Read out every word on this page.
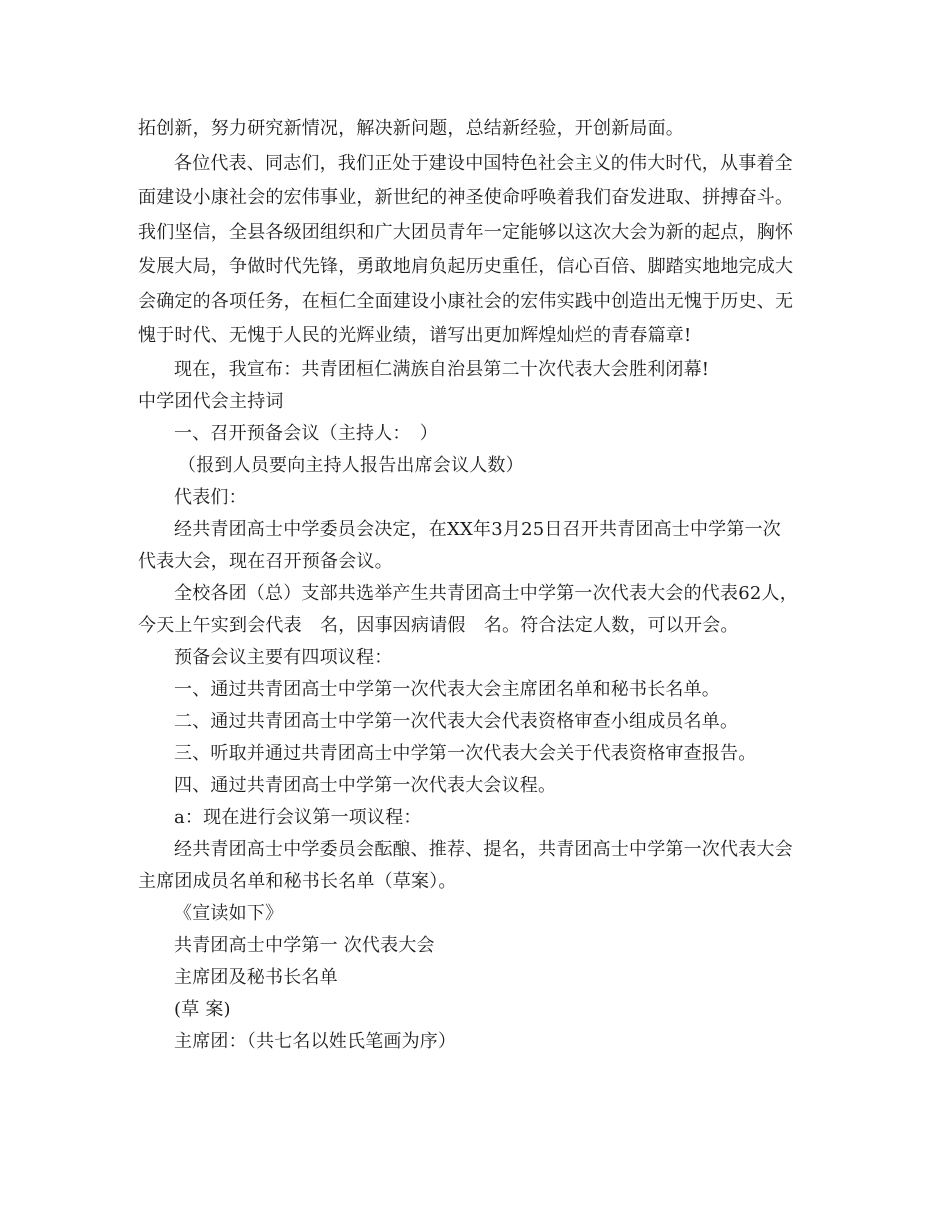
拓创新，努力研究新情况，解决新问题，总结新经验，开创新局面。
各位代表、同志们，我们正处于建设中国特色社会主义的伟大时代，从事着全
面建设小康社会的宏伟事业，新世纪的神圣使命呼唤着我们奋发进取、拼搏奋斗。
我们坚信，全县各级团组织和广大团员青年一定能够以这次大会为新的起点，胸怀
发展大局，争做时代先锋，勇敢地肩负起历史重任，信心百倍、脚踏实地地完成大
会确定的各项任务，在桓仁全面建设小康社会的宏伟实践中创造出无愧于历史、无
愧于时代、无愧于人民的光辉业绩，谱写出更加辉煌灿烂的青春篇章!
现在，我宣布：共青团桓仁满族自治县第二十次代表大会胜利闭幕!
中学团代会主持词
一、召开预备会议（主持人：　）
（报到人员要向主持人报告出席会议人数）
代表们：
经共青团高士中学委员会决定，在XX年3月25日召开共青团高士中学第一次
代表大会，现在召开预备会议。
全校各团（总）支部共选举产生共青团高士中学第一次代表大会的代表62人，
今天上午实到会代表　名，因事因病请假　名。符合法定人数，可以开会。
预备会议主要有四项议程：
一、通过共青团高士中学第一次代表大会主席团名单和秘书长名单。
二、通过共青团高士中学第一次代表大会代表资格审查小组成员名单。
三、听取并通过共青团高士中学第一次代表大会关于代表资格审查报告。
四、通过共青团高士中学第一次代表大会议程。
a：现在进行会议第一项议程：
经共青团高士中学委员会酝酿、推荐、提名，共青团高士中学第一次代表大会
主席团成员名单和秘书长名单（草案）。
《宣读如下》
共青团高士中学第一 次代表大会
主席团及秘书长名单
(草 案)
主席团：（共七名以姓氏笔画为序）
